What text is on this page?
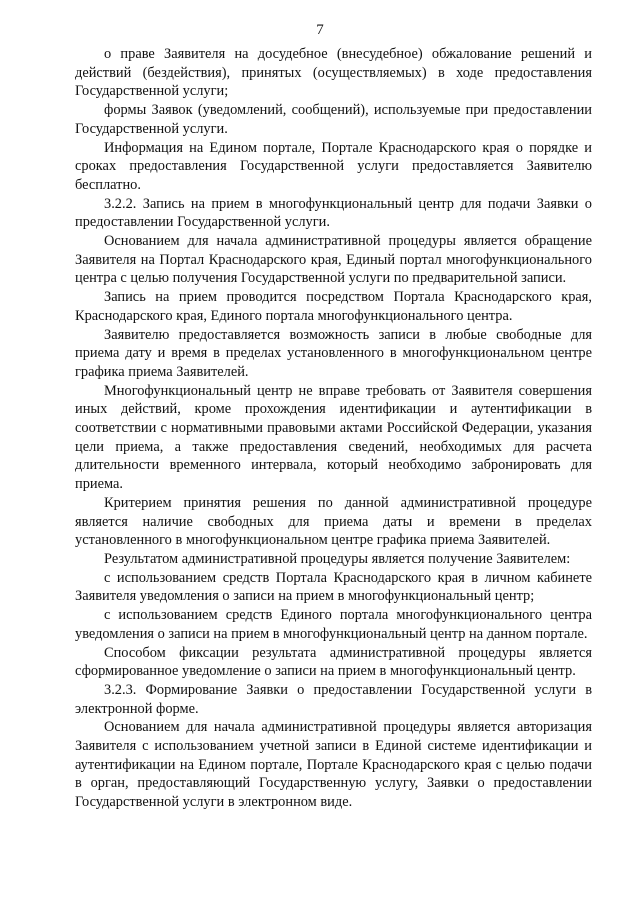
7

о праве Заявителя на досудебное (внесудебное) обжалование решений и действий (бездействия), принятых (осуществляемых) в ходе предоставления Государственной услуги;

формы Заявок (уведомлений, сообщений), используемые при предоставлении Государственной услуги.

Информация на Едином портале, Портале Краснодарского края о порядке и сроках предоставления Государственной услуги предоставляется Заявителю бесплатно.

3.2.2. Запись на прием в многофункциональный центр для подачи Заявки о предоставлении Государственной услуги.

Основанием для начала административной процедуры является обращение Заявителя на Портал Краснодарского края, Единый портал многофункционального центра с целью получения Государственной услуги по предварительной записи.

Запись на прием проводится посредством Портала Краснодарского края, Краснодарского края, Единого портала многофункционального центра.

Заявителю предоставляется возможность записи в любые свободные для приема дату и время в пределах установленного в многофункциональном центре графика приема Заявителей.

Многофункциональный центр не вправе требовать от Заявителя совершения иных действий, кроме прохождения идентификации и аутентификации в соответствии с нормативными правовыми актами Российской Федерации, указания цели приема, а также предоставления сведений, необходимых для расчета длительности временного интервала, который необходимо забронировать для приема.

Критерием принятия решения по данной административной процедуре является наличие свободных для приема даты и времени в пределах установленного в многофункциональном центре графика приема Заявителей.

Результатом административной процедуры является получение Заявителем:

с использованием средств Портала Краснодарского края в личном кабинете Заявителя уведомления о записи на прием в многофункциональный центр;

с использованием средств Единого портала многофункционального центра уведомления о записи на прием в многофункциональный центр на данном портале.

Способом фиксации результата административной процедуры является сформированное уведомление о записи на прием в многофункциональный центр.

3.2.3. Формирование Заявки о предоставлении Государственной услуги в электронной форме.

Основанием для начала административной процедуры является авторизация Заявителя с использованием учетной записи в Единой системе идентификации и аутентификации на Едином портале, Портале Краснодарского края с целью подачи в орган, предоставляющий Государственную услугу, Заявки о предоставлении Государственной услуги в электронном виде.
